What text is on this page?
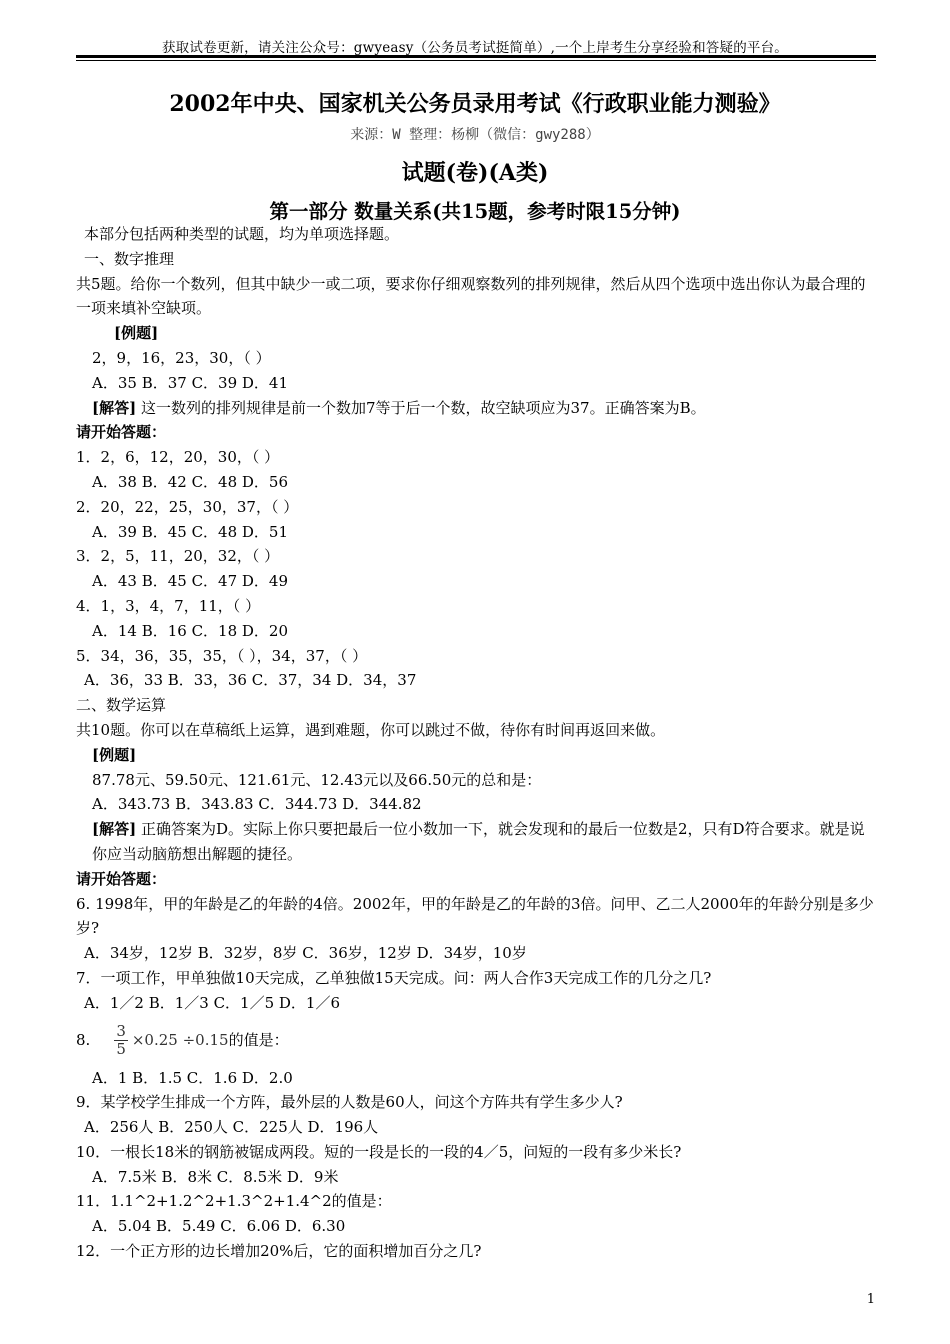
获取试卷更新，请关注公众号：gwyeasy（公务员考试挺简单）,一个上岸考生分享经验和答疑的平台。
2002年中央、国家机关公务员录用考试《行政职业能力测验》
来源：W 整理：杨柳（微信：gwy288）
试题(卷)(A类)
第一部分 数量关系(共15题，参考时限15分钟)
本部分包括两种类型的试题，均为单项选择题。
一、数字推理
共5题。给你一个数列，但其中缺少一或二项，要求你仔细观察数列的排列规律，然后从四个选项中选出你认为最合理的一项来填补空缺项。
[例题]
2，9，16，23，30，（ ）
A．35 B．37 C．39 D．41
[解答] 这一数列的排列规律是前一个数加7等于后一个数，故空缺项应为37。正确答案为B。
请开始答题：
1．2，6，12，20，30，（ ）
A．38 B．42 C．48 D．56
2．20，22，25，30，37，（ ）
A．39 B．45 C．48 D．51
3．2，5，11，20，32，（ ）
A．43 B．45 C．47 D．49
4．1，3，4，7，11，（ ）
A．14 B．16 C．18 D．20
5．34，36，35，35，（ ），34，37，（ ）
A．36，33 B．33，36 C．37，34 D．34，37
二、数学运算
共10题。你可以在草稿纸上运算，遇到难题，你可以跳过不做，待你有时间再返回来做。
[例题]
87.78元、59.50元、121.61元、12.43元以及66.50元的总和是：
A．343.73 B．343.83 C．344.73 D．344.82
[解答] 正确答案为D。实际上你只要把最后一位小数加一下，就会发现和的最后一位数是2，只有D符合要求。就是说你应当动脑筋想出解题的捷径。
请开始答题：
6. 1998年，甲的年龄是乙的年龄的4倍。2002年，甲的年龄是乙的年龄的3倍。问甲、乙二人2000年的年龄分别是多少岁?
A．34岁，12岁 B．32岁，8岁 C．36岁，12岁 D．34岁，10岁
7．一项工作，甲单独做10天完成，乙单独做15天完成。问：两人合作3天完成工作的几分之几?
A．1／2 B．1／3 C．1／5 D．1／6
8. $\frac{3}{5} \times 0.25 \div 0.15$ 的值是：
A．1 B．1.5 C．1.6 D．2.0
9．某学校学生排成一个方阵，最外层的人数是60人，问这个方阵共有学生多少人?
A．256人 B．250人 C．225人 D．196人
10．一根长18米的钢筋被锯成两段。短的一段是长的一段的4／5，问短的一段有多少米长?
A．7.5米 B．8米 C．8.5米 D．9米
11．1.1^2+1.2^2+1.3^2+1.4^2的值是：
A．5.04 B．5.49 C．6.06 D．6.30
12．一个正方形的边长增加20%后，它的面积增加百分之几?
1
